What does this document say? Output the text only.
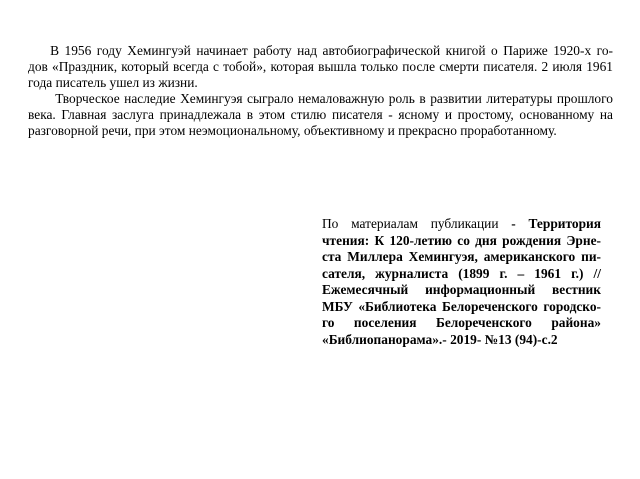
В 1956 году Хемингуэй начинает работу над автобиографической книгой о Париже 1920-х го-
дов «Праздник, который всегда с тобой», которая вышла только после смерти писателя. 2 июля 1961
года писатель ушел из жизни.
Творческое наследие Хемингуэя сыграло немаловажную роль в развитии литературы прошлого
века. Главная заслуга принадлежала в этом стилю писателя - ясному и простому, основанному на
разговорной речи, при этом неэмоциональному, объективному и прекрасно проработанному.
По материалам публикации - Территория
чтения: К 120-летию со дня рождения Эрне-
ста Миллера Хемингуэя, американского пи-
сателя, журналиста (1899 г. – 1961 г.) //
Ежемесячный информационный вестник
МБУ «Библиотека Белореченского городско-
го поселения Белореченского района»
«Библиопанорама».- 2019- №13 (94)-с.2
